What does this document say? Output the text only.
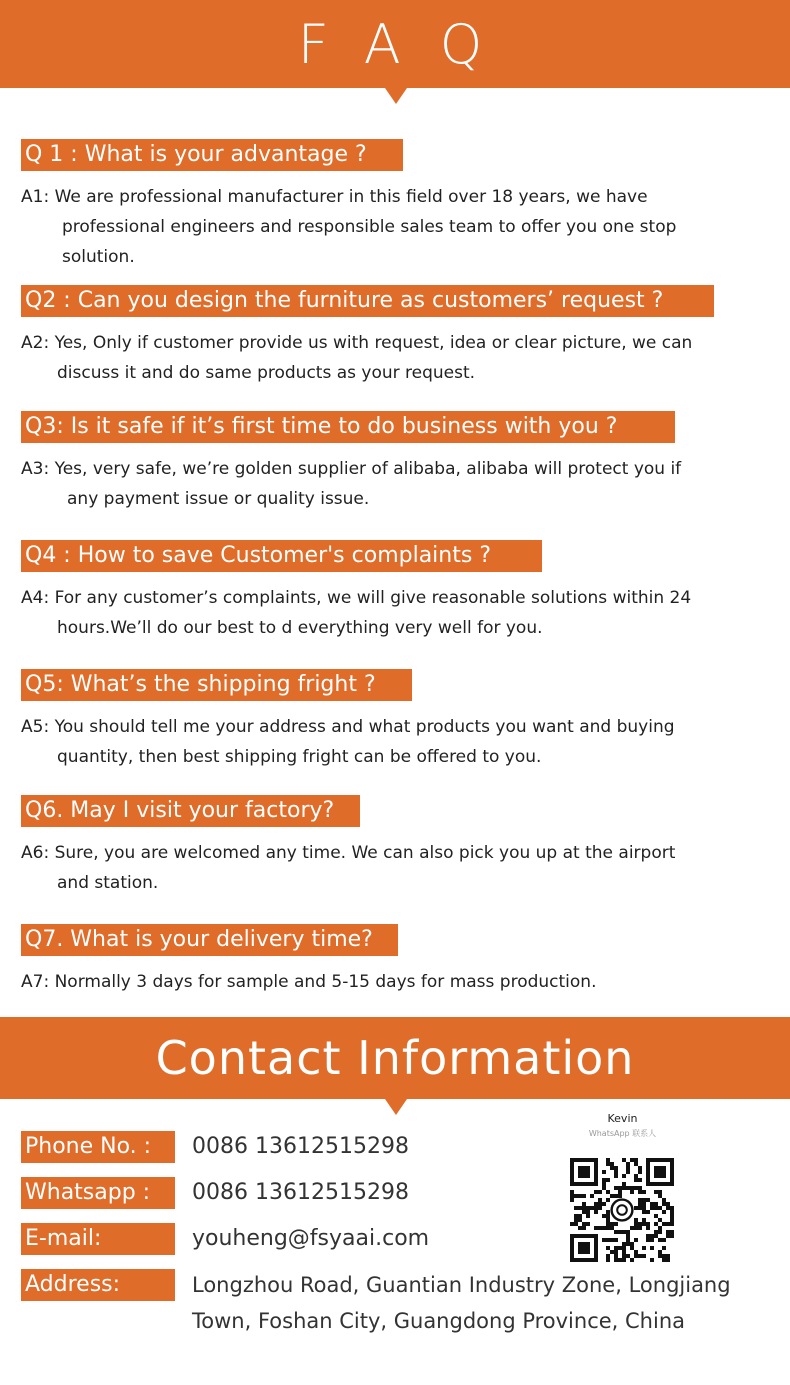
FAQ
Q 1 : What is your advantage ?
A1: We are professional manufacturer in this field over 18 years, we have
professional engineers and responsible sales team to offer you one stop
solution.
Q2 : Can you design the furniture as customers’ request ?
A2: Yes, Only if customer provide us with request, idea or clear picture, we can
discuss it and do same products as your request.
Q3: Is it safe if it’s first time to do business with you ?
A3: Yes, very safe, we’re golden supplier of alibaba, alibaba will protect you if
any payment issue or quality issue.
Q4 : How to save Customer's complaints ?
A4: For any customer’s complaints, we will give reasonable solutions within 24
hours.We’ll do our best to d everything very well for you.
Q5: What’s the shipping fright ?
A5: You should tell me your address and what products you want and buying
quantity, then best shipping fright can be offered to you.
Q6. May I visit your factory?
A6: Sure, you are welcomed any time. We can also pick you up at the airport
and station.
Q7. What is your delivery time?
A7: Normally 3 days for sample and 5-15 days for mass production.
Contact Information
Phone No. :	0086 13612515298
Whatsapp :	0086 13612515298
E-mail:	youheng@fsyaai.com
Address:	Longzhou Road, Guantian Industry Zone, Longjiang
Town, Foshan City, Guangdong Province, China
Kevin
WhatsApp 联系人
